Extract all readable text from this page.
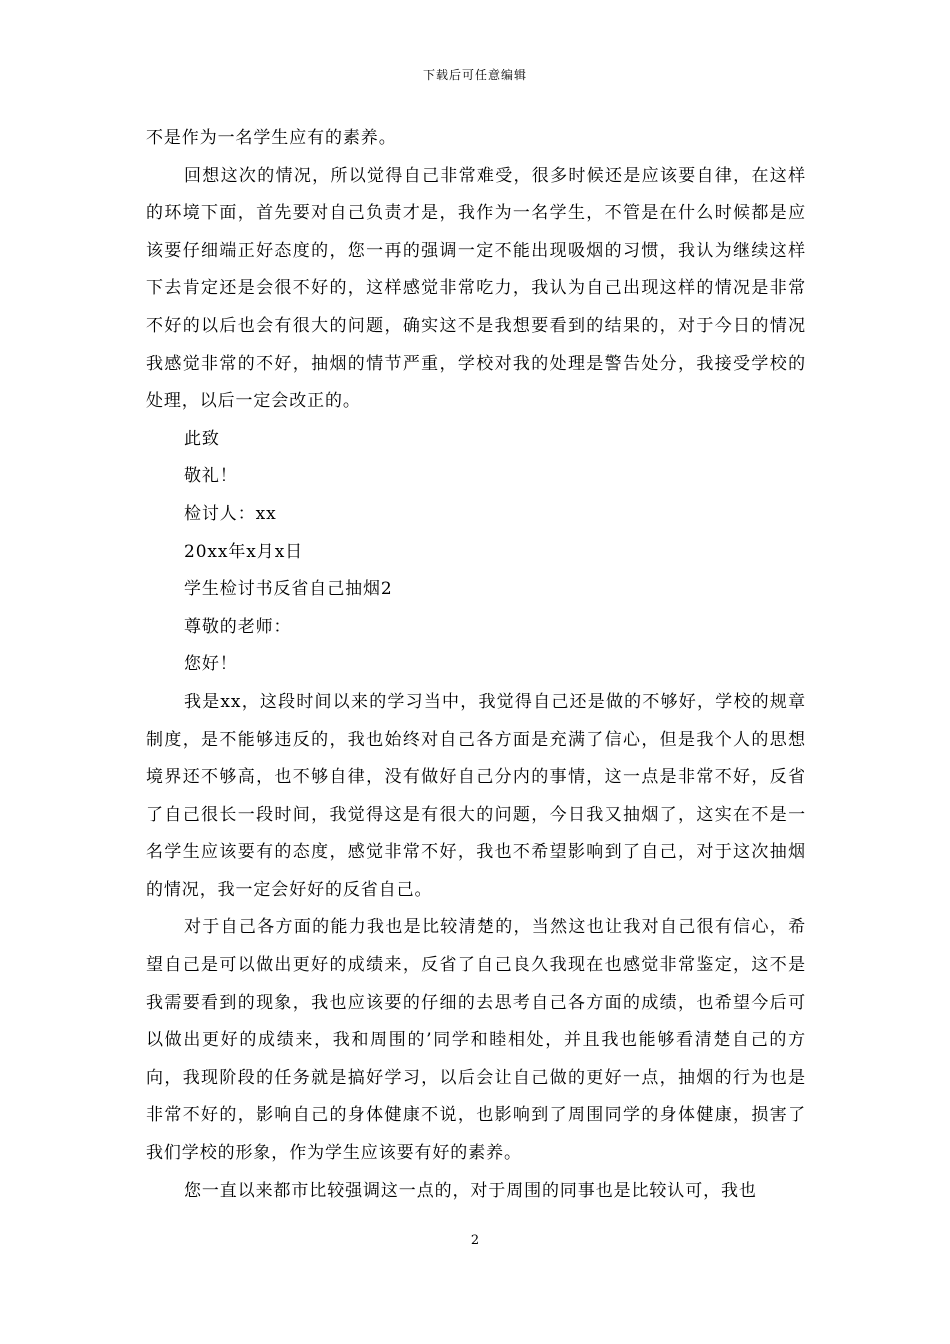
下载后可任意编辑

不是作为一名学生应有的素养。

回想这次的情况，所以觉得自己非常难受，很多时候还是应该要自律，在这样的环境下面，首先要对自己负责才是，我作为一名学生，不管是在什么时候都是应该要仔细端正好态度的，您一再的强调一定不能出现吸烟的习惯，我认为继续这样下去肯定还是会很不好的，这样感觉非常吃力，我认为自己出现这样的情况是非常不好的以后也会有很大的问题，确实这不是我想要看到的结果的，对于今日的情况我感觉非常的不好，抽烟的情节严重，学校对我的处理是警告处分，我接受学校的处理，以后一定会改正的。

此致

敬礼！

检讨人：xx

20xx年x月x日

学生检讨书反省自己抽烟2

尊敬的老师：

您好！

我是xx，这段时间以来的学习当中，我觉得自己还是做的不够好，学校的规章制度，是不能够违反的，我也始终对自己各方面是充满了信心，但是我个人的思想境界还不够高，也不够自律，没有做好自己分内的事情，这一点是非常不好，反省了自己很长一段时间，我觉得这是有很大的问题，今日我又抽烟了，这实在不是一名学生应该要有的态度，感觉非常不好，我也不希望影响到了自己，对于这次抽烟的情况，我一定会好好的反省自己。

对于自己各方面的能力我也是比较清楚的，当然这也让我对自己很有信心，希望自己是可以做出更好的成绩来，反省了自己良久我现在也感觉非常鉴定，这不是我需要看到的现象，我也应该要的仔细的去思考自己各方面的成绩，也希望今后可以做出更好的成绩来，我和周围的’同学和睦相处，并且我也能够看清楚自己的方向，我现阶段的任务就是搞好学习，以后会让自己做的更好一点，抽烟的行为也是非常不好的，影响自己的身体健康不说，也影响到了周围同学的身体健康，损害了我们学校的形象，作为学生应该要有好的素养。

您一直以来都市比较强调这一点的，对于周围的同事也是比较认可，我也

2
